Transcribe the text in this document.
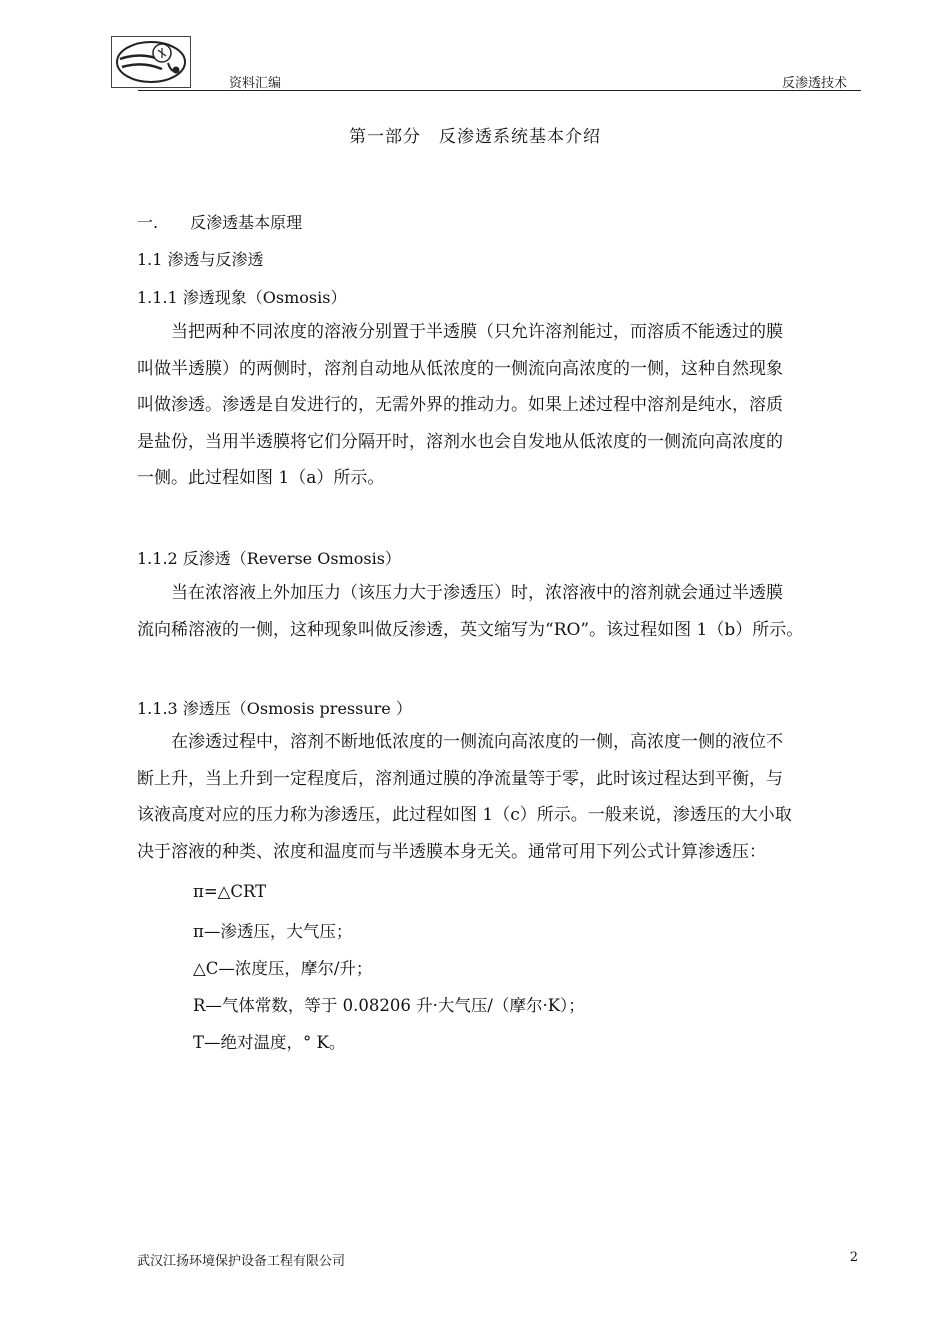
资料汇编	反渗透技术
第一部分　反渗透系统基本介绍
一.　　反渗透基本原理
1.1 渗透与反渗透
1.1.1 渗透现象（Osmosis）
　　当把两种不同浓度的溶液分别置于半透膜（只允许溶剂能过，而溶质不能透过的膜
叫做半透膜）的两侧时，溶剂自动地从低浓度的一侧流向高浓度的一侧，这种自然现象
叫做渗透。渗透是自发进行的，无需外界的推动力。如果上述过程中溶剂是纯水，溶质
是盐份，当用半透膜将它们分隔开时，溶剂水也会自发地从低浓度的一侧流向高浓度的
一侧。此过程如图 1（a）所示。
1.1.2 反渗透（Reverse Osmosis）
　　当在浓溶液上外加压力（该压力大于渗透压）时，浓溶液中的溶剂就会通过半透膜
流向稀溶液的一侧，这种现象叫做反渗透，英文缩写为“RO”。该过程如图 1（b）所示。
1.1.3 渗透压（Osmosis pressure ）
　　在渗透过程中，溶剂不断地低浓度的一侧流向高浓度的一侧，高浓度一侧的液位不
断上升，当上升到一定程度后，溶剂通过膜的净流量等于零，此时该过程达到平衡，与
该液高度对应的压力称为渗透压，此过程如图 1（c）所示。一般来说，渗透压的大小取
决于溶液的种类、浓度和温度而与半透膜本身无关。通常可用下列公式计算渗透压：
π=△CRT
π—渗透压，大气压；
△C—浓度压，摩尔/升；
R—气体常数，等于 0.08206 升·大气压/（摩尔·K）；
T—绝对温度，° K。
武汉江扬环境保护设备工程有限公司	2
